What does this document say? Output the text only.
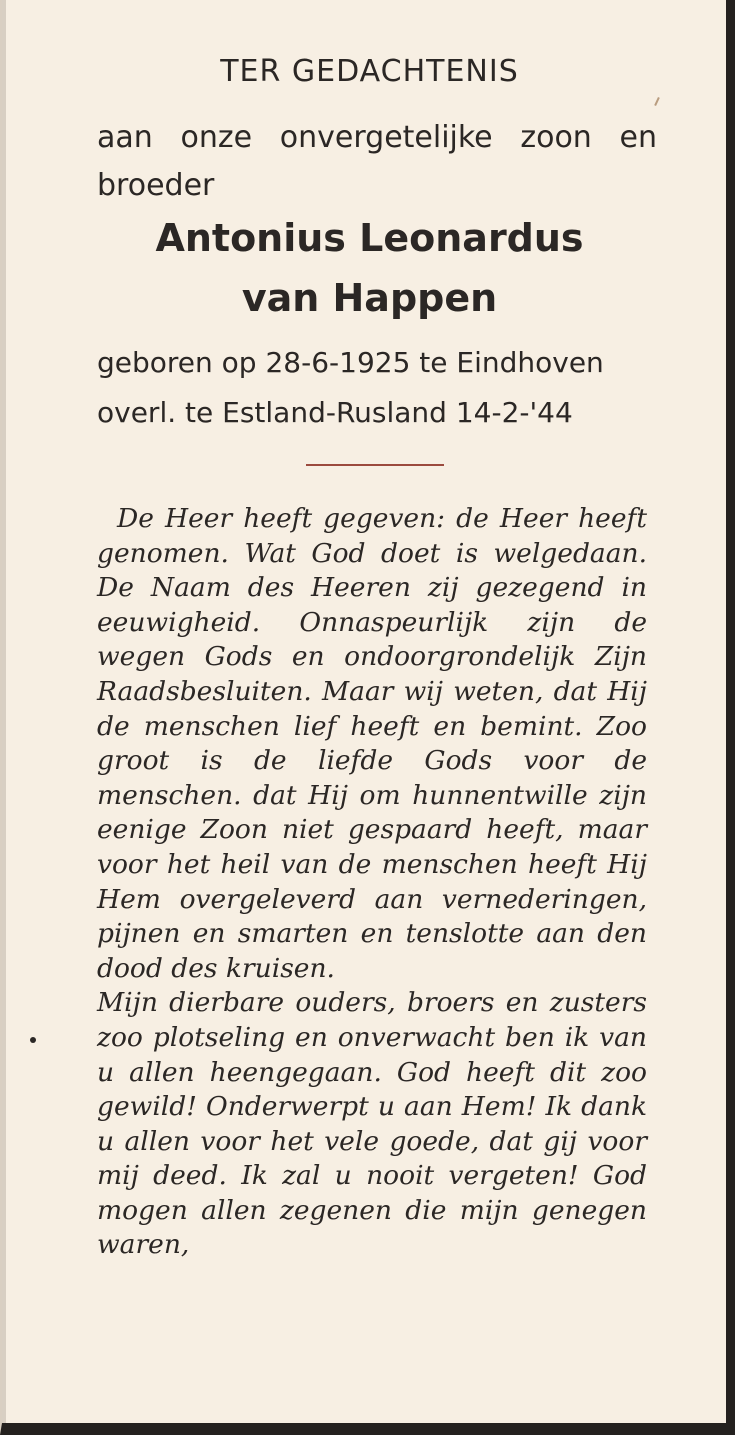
TER GEDACHTENIS
aan onze onvergetelijke zoon en broeder
Antonius Leonardus
van Happen
geboren op 28-6-1925 te Eindhoven
overl. te Estland-Rusland 14-2-'44

De Heer heeft gegeven: de Heer heeft genomen. Wat God doet is welgedaan. De Naam des Heeren zij gezegend in eeuwigheid. Onnaspeurlijk zijn de wegen Gods en ondoorgrondelijk Zijn Raadsbesluiten. Maar wij weten, dat Hij de menschen lief heeft en bemint. Zoo groot is de liefde Gods voor de menschen. dat Hij om hunnentwille zijn eenige Zoon niet gespaard heeft, maar voor het heil van de menschen heeft Hij Hem overgeleverd aan vernederingen, pijnen en smarten en tenslotte aan den dood des kruisen.

Mijn dierbare ouders, broers en zusters zoo plotseling en onverwacht ben ik van u allen heengegaan. God heeft dit zoo gewild! Onderwerpt u aan Hem! Ik dank u allen voor het vele goede, dat gij voor mij deed. Ik zal u nooit vergeten! God mogen allen zegenen die mijn genegen waren,
